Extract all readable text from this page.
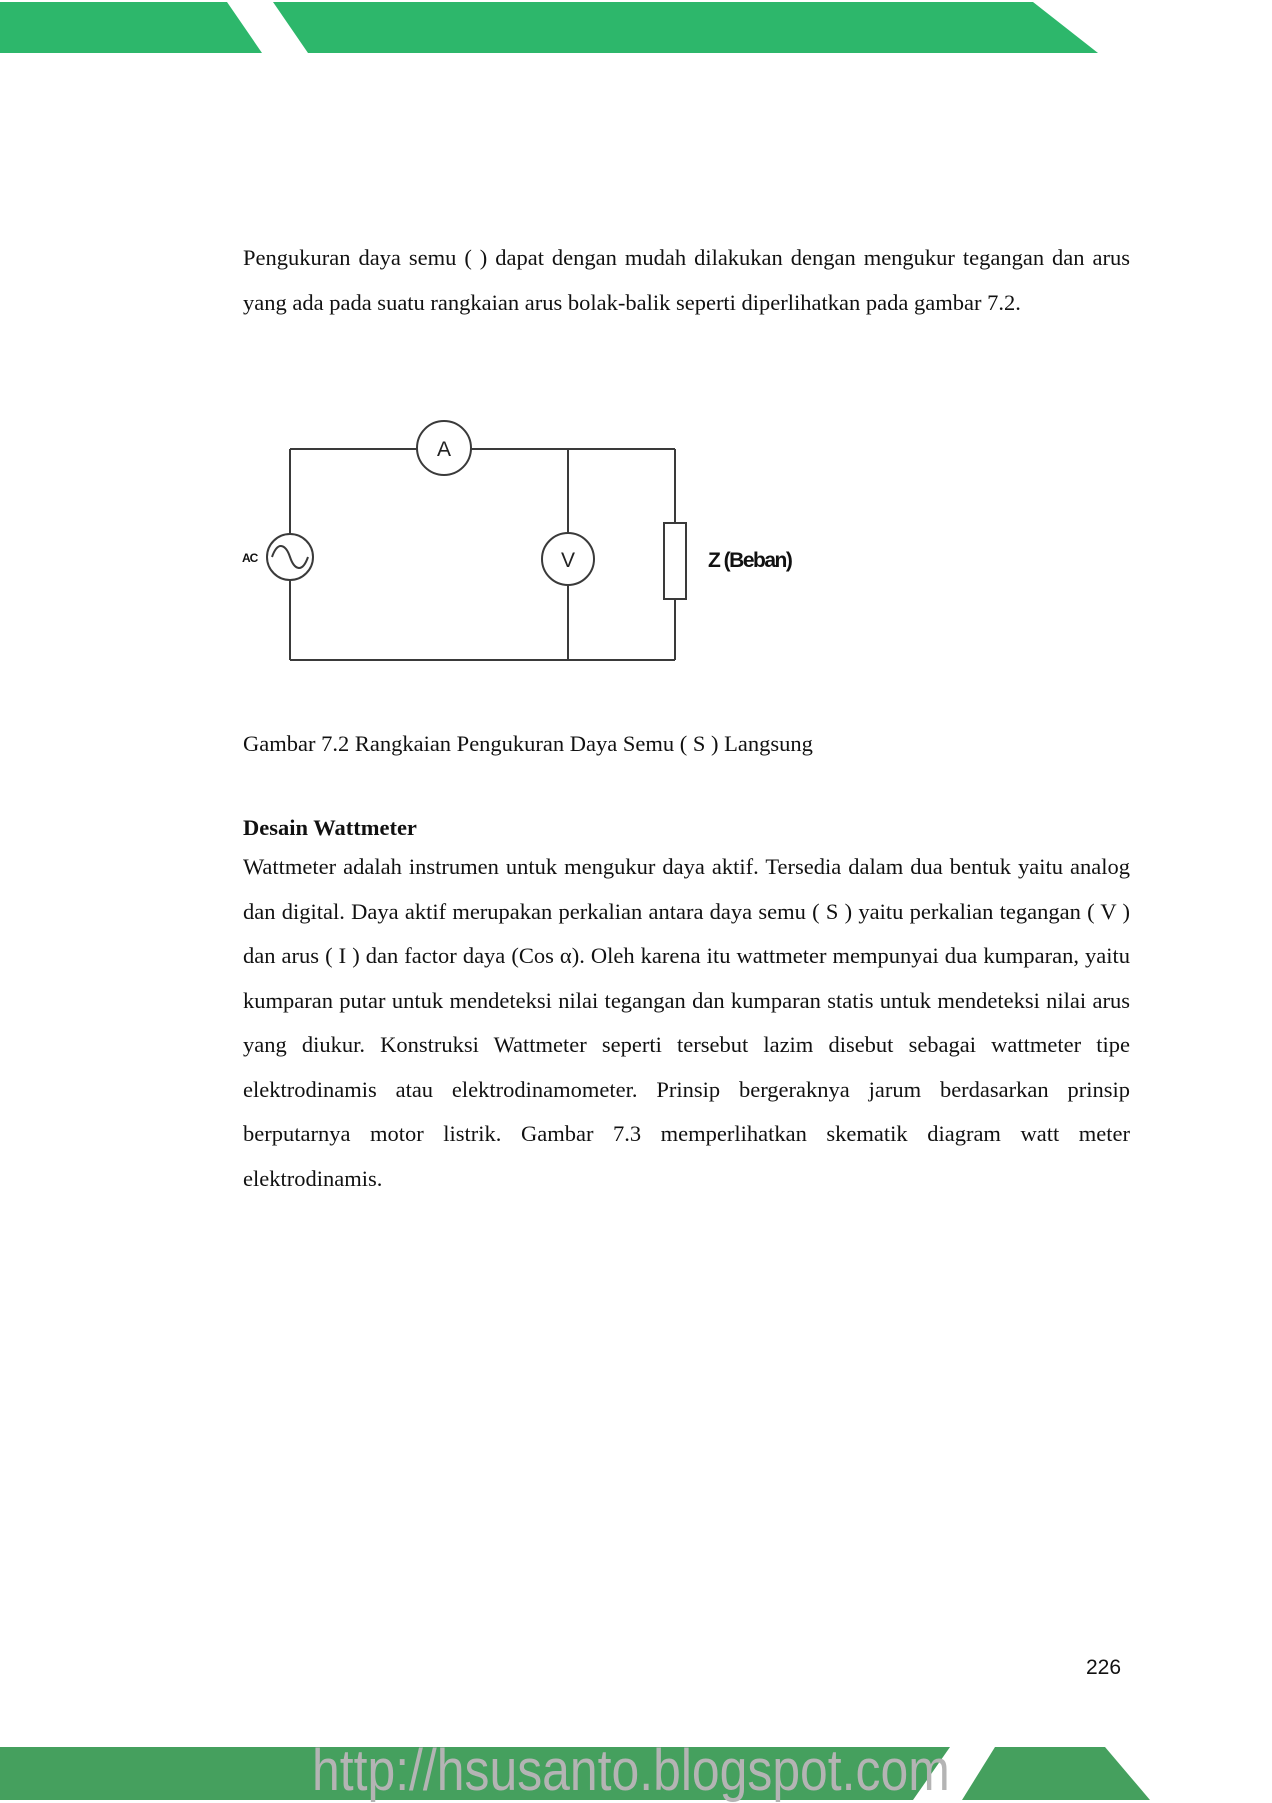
Pengukuran daya semu ( ) dapat dengan mudah dilakukan dengan mengukur tegangan dan arus yang ada pada suatu rangkaian arus bolak-balik seperti diperlihatkan pada gambar 7.2.
AC
A
V	Z (Beban)
Gambar 7.2 Rangkaian Pengukuran Daya Semu ( S ) Langsung
Desain Wattmeter
Wattmeter adalah instrumen untuk mengukur daya aktif. Tersedia dalam dua bentuk yaitu analog dan digital. Daya aktif merupakan perkalian antara daya semu ( S ) yaitu perkalian tegangan ( V ) dan arus ( I ) dan factor daya (Cos α). Oleh karena itu wattmeter mempunyai dua kumparan, yaitu kumparan putar untuk mendeteksi nilai tegangan dan kumparan statis untuk mendeteksi nilai arus yang diukur. Konstruksi Wattmeter seperti tersebut lazim disebut sebagai wattmeter tipe elektrodinamis atau elektrodinamometer. Prinsip bergeraknya jarum berdasarkan prinsip berputarnya motor listrik. Gambar 7.3 memperlihatkan skematik diagram watt meter elektrodinamis.
226
http://hsusanto.blogspot.com
